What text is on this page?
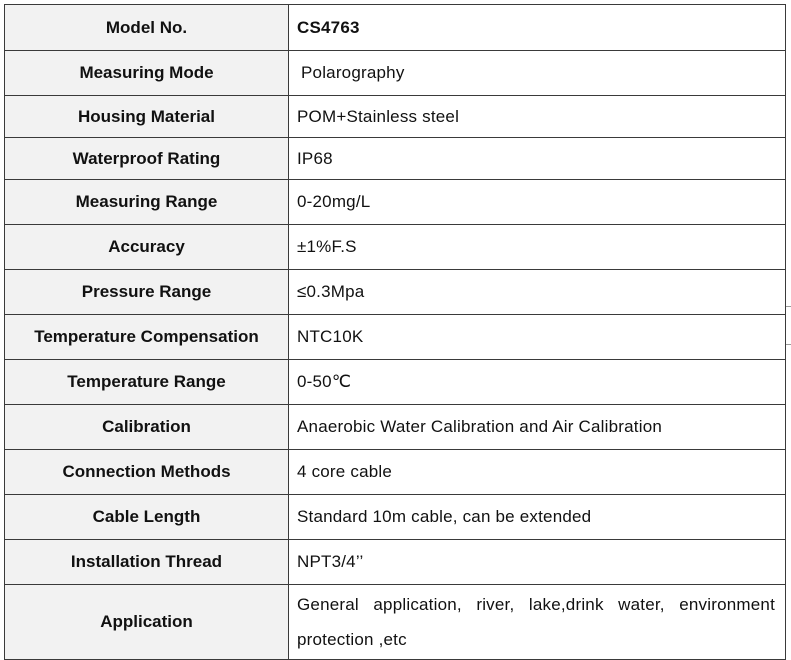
Model No.	CS4763
Measuring Mode	Polarography
Housing Material	POM+Stainless steel
Waterproof Rating	IP68
Measuring Range	0-20mg/L
Accuracy	±1%F.S
Pressure Range	≤0.3Mpa
Temperature Compensation	NTC10K
Temperature Range	0-50℃
Calibration	Anaerobic Water Calibration and Air Calibration
Connection Methods	4 core cable
Cable Length	Standard 10m cable, can be extended
Installation Thread	NPT3/4’’
Application	General application, river, lake,drink water, environment protection ,etc
